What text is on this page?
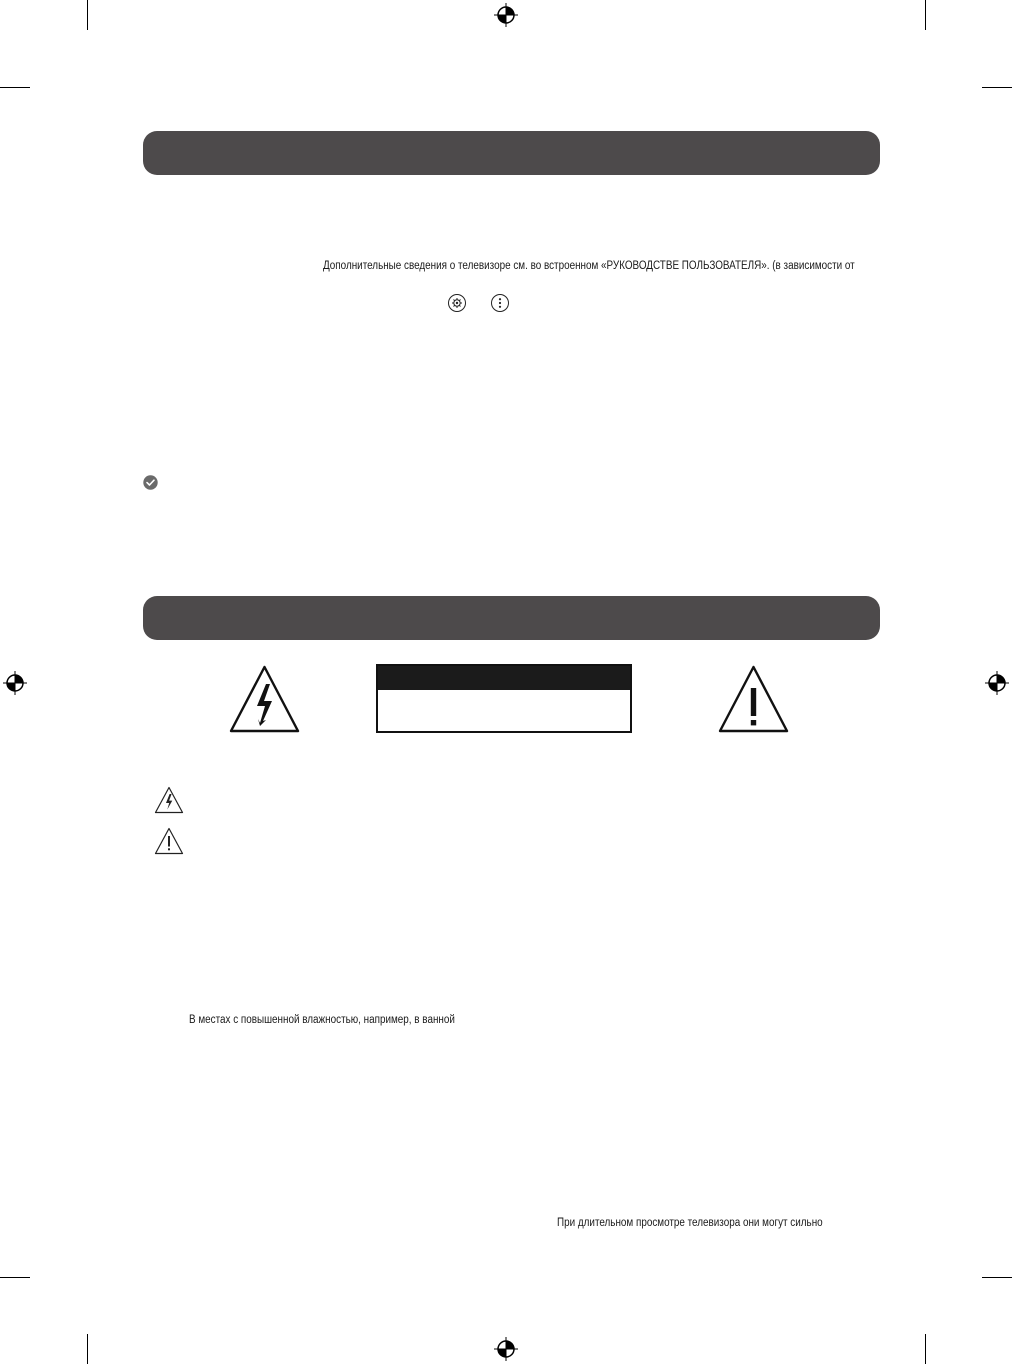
Дополнительные сведения о телевизоре см. во встроенном «РУКОВОДСТВЕ ПОЛЬЗОВАТЕЛЯ». (в зависимости от
В местах с повышенной влажностью, например, в ванной
При длительном просмотре телевизора они могут сильно
